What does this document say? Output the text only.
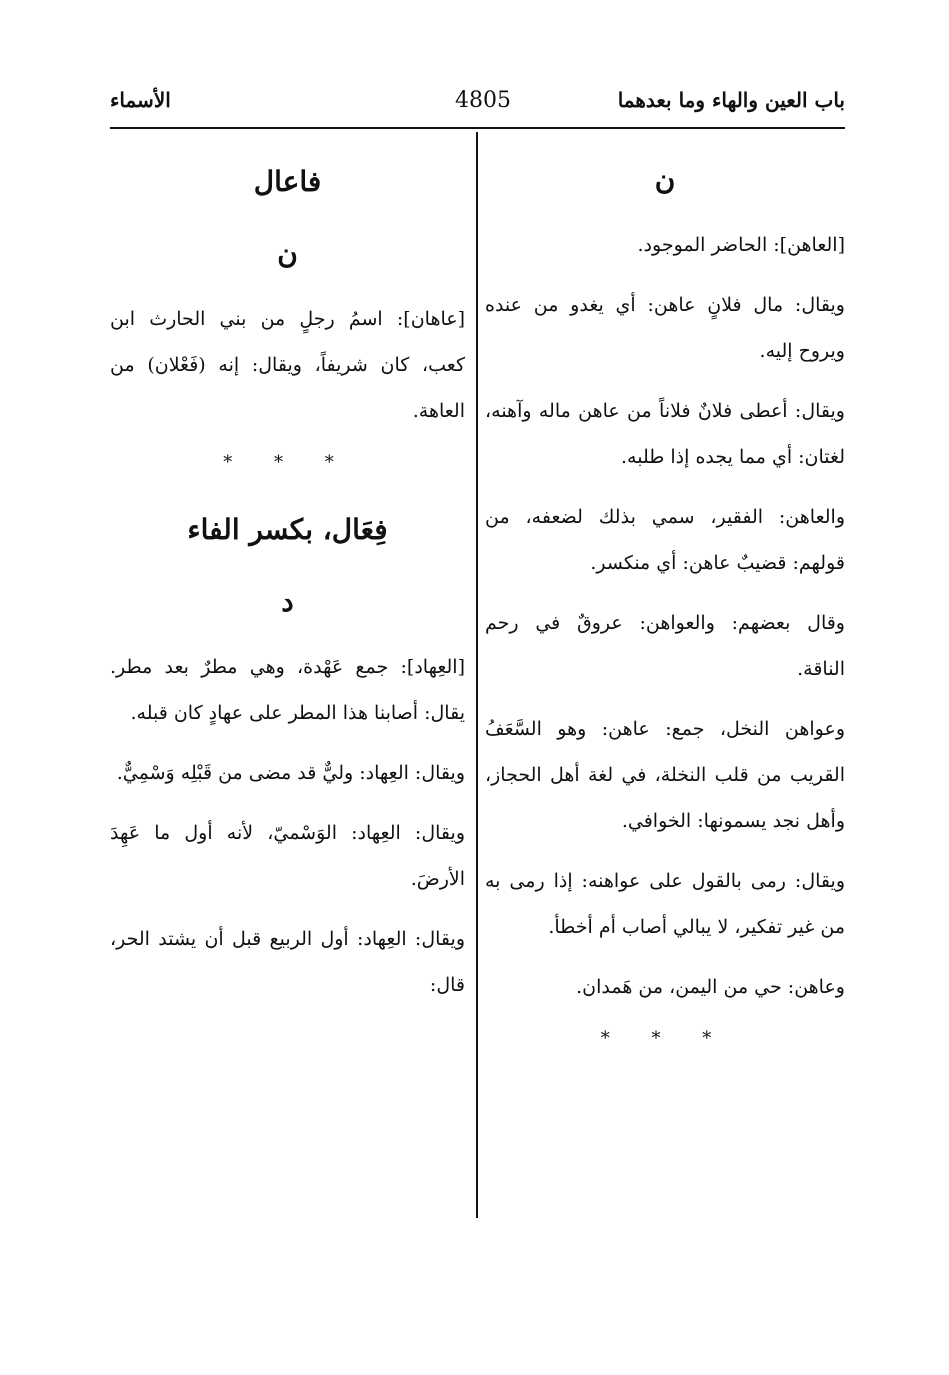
باب العين والهاء وما بعدهما
4805
الأسماء
ن

[العاهن]: الحاضر الموجود.

ويقال: مال فلانٍ عاهن: أي يغدو من عنده ويروح إليه.

ويقال: أعطى فلانٌ فلاناً من عاهن ماله وآهنه، لغتان: أي مما يجده إذا طلبه.

والعاهن: الفقير، سمي بذلك لضعفه، من قولهم: قضيبٌ عاهن: أي منكسر.

وقال بعضهم: والعواهن: عروقٌ في رحم الناقة.

وعواهن النخل، جمع: عاهن: وهو السَّعَفُ القريب من قلب النخلة، في لغة أهل الحجاز، وأهل نجد يسمونها: الخوافي.

ويقال: رمى بالقول على عواهنه: إذا رمى به من غير تفكير، لا يبالي أصاب أم أخطأ.

وعاهن: حي من اليمن، من هَمدان.

* * *
فاعال
ن

[عاهان]: اسمُ رجلٍ من بني الحارث ابن كعب، كان شريفاً، ويقال: إنه (فَعْلان) من العاهة.

* * *
فِعَال، بكسر الفاء
د

[العِهاد]: جمع عَهْدة، وهي مطرٌ بعد مطر. يقال: أصابنا هذا المطر على عهادٍ كان قبله.

ويقال: العِهاد: وليٌّ قد مضى من قَبْلِه وَسْمِيٌّ.

ويقال: العِهاد: الوَسْميّ، لأنه أول ما عَهِدَ الأرضَ.

ويقال: العِهاد: أول الربيع قبل أن يشتد الحر، قال:
